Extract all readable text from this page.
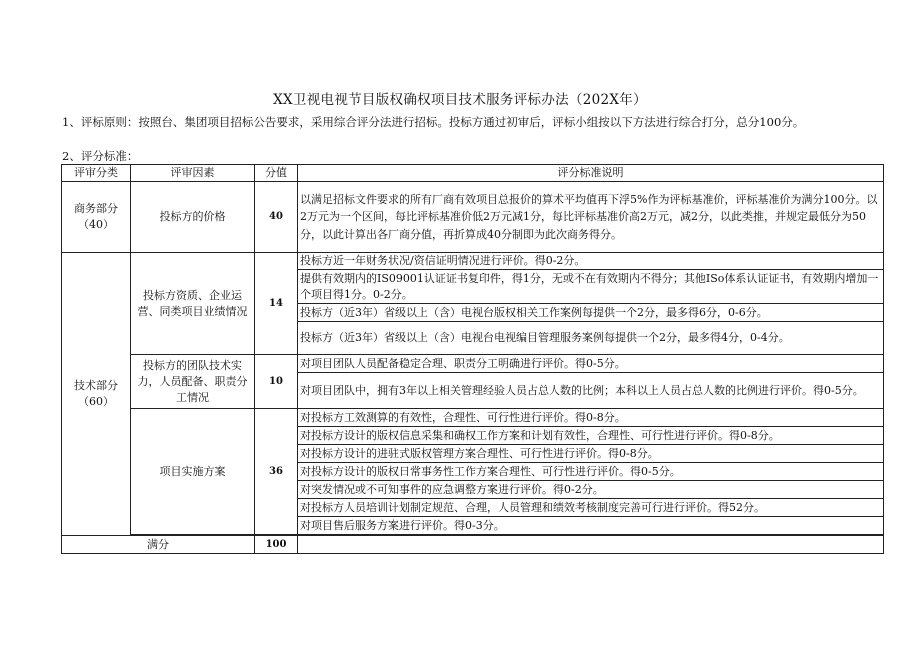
XX卫视电视节目版权确权项目技术服务评标办法（202X年）
1、评标原则：按照台、集团项目招标公告要求，采用综合评分法进行招标。投标方通过初审后，评标小组按以下方法进行综合打分，总分100分。
2、评分标准：
评审分类	评审因素	分值	评分标准说明
商务部分（40）	投标方的价格	40	以满足招标文件要求的所有厂商有效项目总报价的算术平均值再下浮5%作为评标基准价，评标基准价为满分100分。以2万元为一个区间，每比评标基准价低2万元减1分，每比评标基准价高2万元，减2分，以此类推，并规定最低分为50分，以此计算出各厂商分值，再折算成40分制即为此次商务得分。
技术部分（60）	投标方资质、企业运营、同类项目业绩情况	14	投标方近一年财务状况/资信证明情况进行评价。得0-2分。
			提供有效期内的IS09001认证证书复印件，得1分，无或不在有效期内不得分；其他ISo体系认证证书，有效期内增加一个项目得1分。0-2分。
			投标方（近3年）省级以上（含）电视台版权相关工作案例每提供一个2分，最多得6分，0-6分。
			投标方（近3年）省级以上（含）电视台电视编目管理服务案例每提供一个2分，最多得4分，0-4分。
	投标方的团队技术实力，人员配备、职责分工情况	10	对项目团队人员配备稳定合理、职责分工明确进行评价。得0-5分。
			对项目团队中，拥有3年以上相关管理经验人员占总人数的比例；本科以上人员占总人数的比例进行评价。得0-5分。
	项目实施方案	36	对投标方工效测算的有效性，合理性、可行性进行评价。得0-8分。
			对投标方设计的版权信息采集和确权工作方案和计划有效性，合理性、可行性进行评价。得0-8分。
			对投标方设计的进驻式版权管理方案合理性、可行性进行评价。得0-8分。
			对投标方设计的版权日常事务性工作方案合理性、可行性进行评价。得0-5分。
			对突发情况或不可知事件的应急调整方案进行评价。得0-2分。
			对投标方人员培训计划制定规范、合理，人员管理和绩效考核制度完善可行进行评价。得52分。
			对项目售后服务方案进行评价。得0-3分。

满分		100	
